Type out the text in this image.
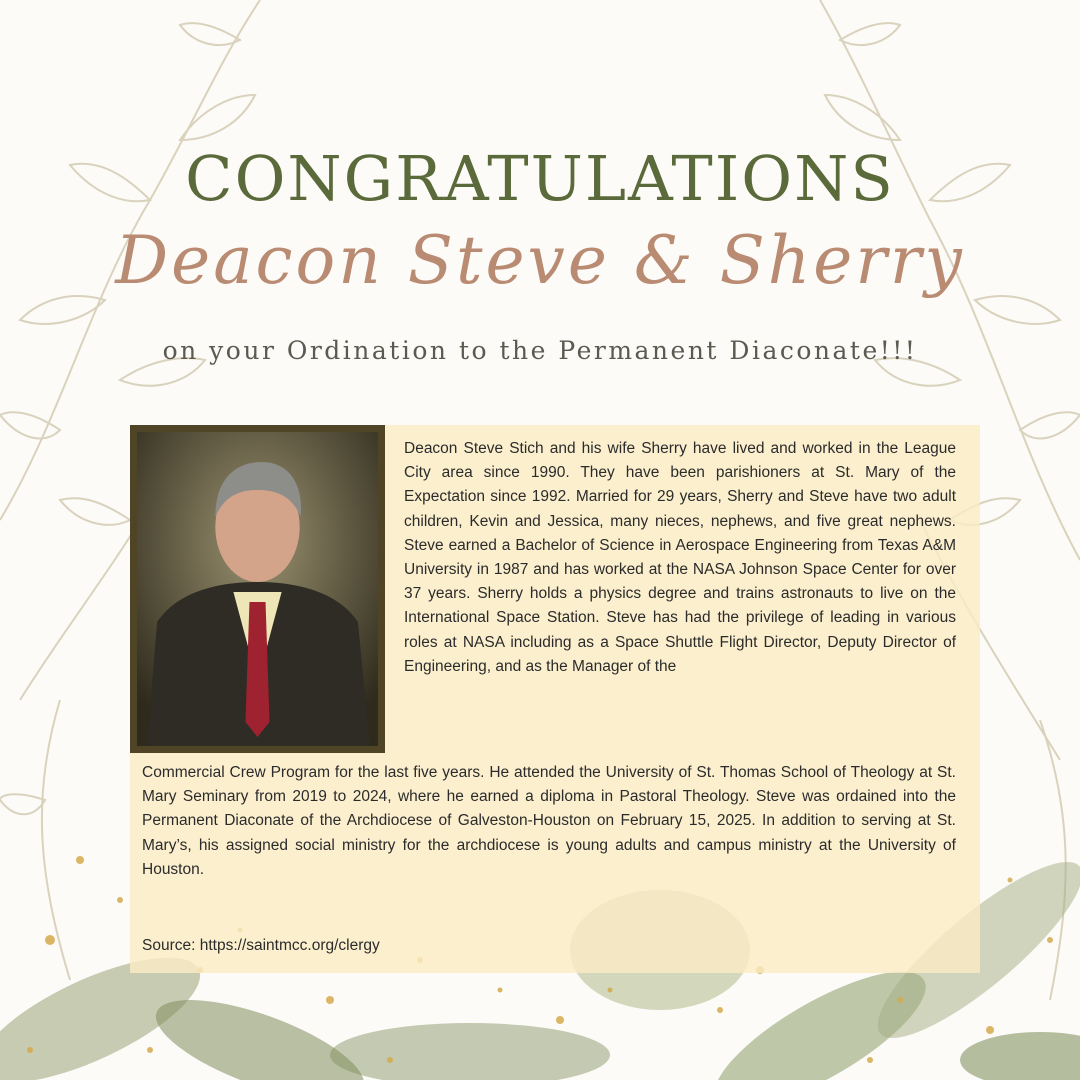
CONGRATULATIONS
Deacon Steve & Sherry
on your Ordination to the Permanent Diaconate!!!

Deacon Steve Stich and his wife Sherry have lived and worked in the League City area since 1990. They have been parishioners at St. Mary of the Expectation since 1992. Married for 29 years, Sherry and Steve have two adult children, Kevin and Jessica, many nieces, nephews, and five great nephews. Steve earned a Bachelor of Science in Aerospace Engineering from Texas A&M University in 1987 and has worked at the NASA Johnson Space Center for over 37 years. Sherry holds a physics degree and trains astronauts to live on the International Space Station. Steve has had the privilege of leading in various roles at NASA including as a Space Shuttle Flight Director, Deputy Director of Engineering, and as the Manager of the

Commercial Crew Program for the last five years. He attended the University of St. Thomas School of Theology at St. Mary Seminary from 2019 to 2024, where he earned a diploma in Pastoral Theology. Steve was ordained into the Permanent Diaconate of the Archdiocese of Galveston-Houston on February 15, 2025. In addition to serving at St. Mary’s, his assigned social ministry for the archdiocese is young adults and campus ministry at the University of Houston.

Source: https://saintmcc.org/clergy
